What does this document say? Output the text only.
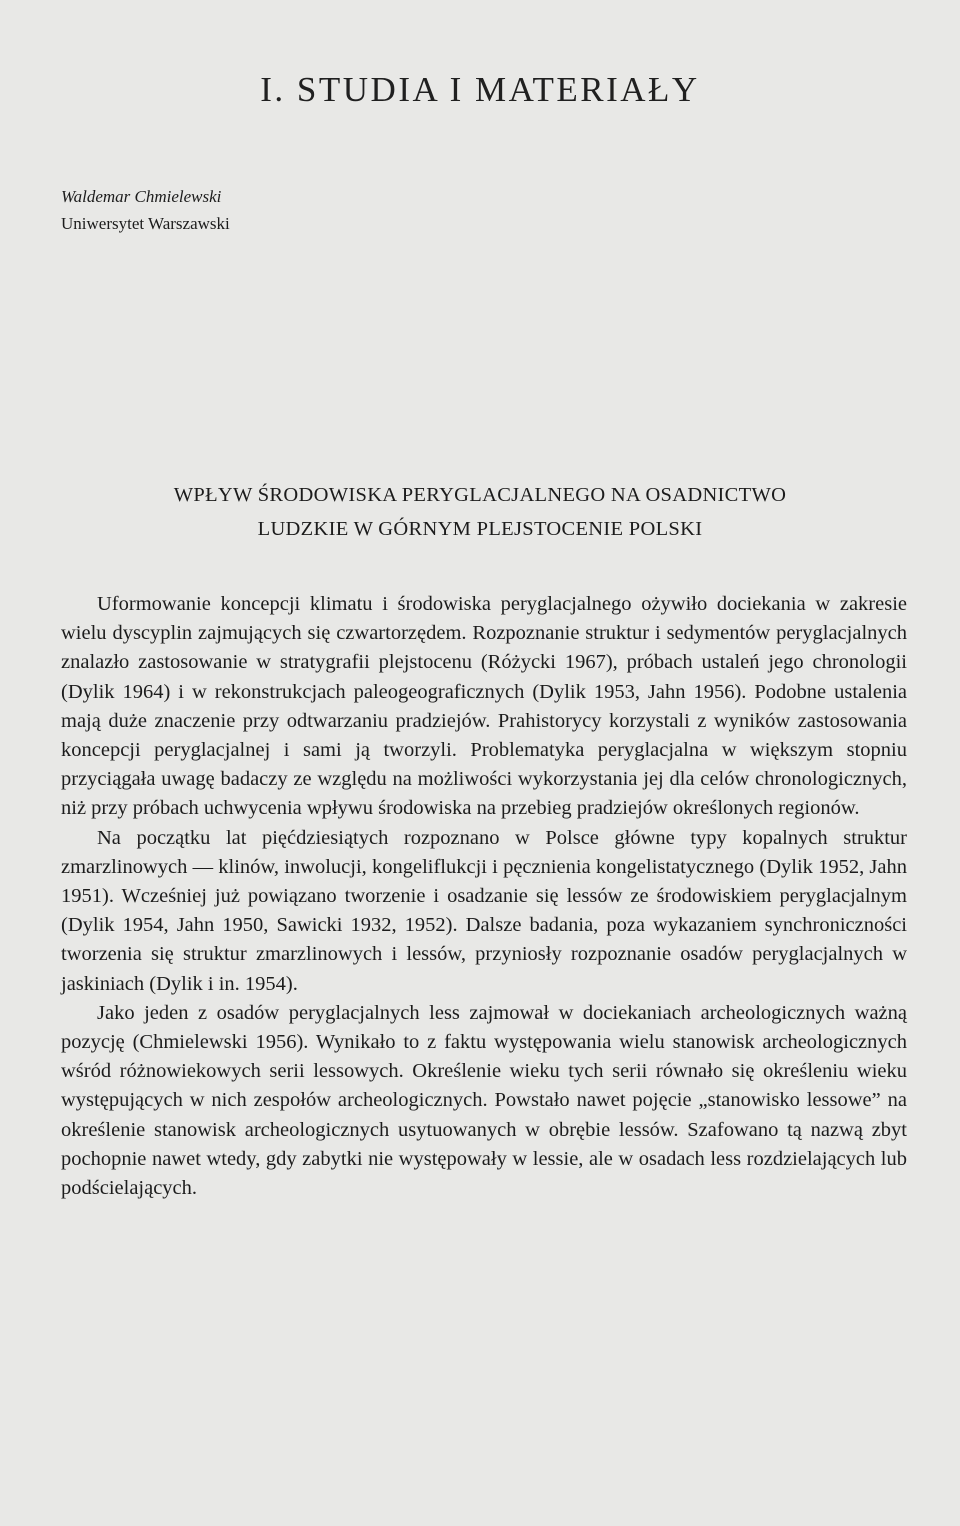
I. STUDIA I MATERIAŁY
Waldemar Chmielewski
Uniwersytet Warszawski
WPŁYW ŚRODOWISKA PERYGLACJALNEGO NA OSADNICTWO
LUDZKIE W GÓRNYM PLEJSTOCENIE POLSKI

Uformowanie koncepcji klimatu i środowiska peryglacjalnego ożywiło dociekania w zakresie wielu dyscyplin zajmujących się czwartorzędem. Rozpoznanie struktur i sedymentów peryglacjalnych znalazło zastosowanie w stratygrafii plejstocenu (Różycki 1967), próbach ustaleń jego chronologii (Dylik 1964) i w rekonstrukcjach paleogeograficznych (Dylik 1953, Jahn 1956). Podobne ustalenia mają duże znaczenie przy odtwarzaniu pradziejów. Prahistorycy korzystali z wyników zastosowania koncepcji peryglacjalnej i sami ją tworzyli. Problematyka peryglacjalna w większym stopniu przyciągała uwagę badaczy ze względu na możliwości wykorzystania jej dla celów chronologicznych, niż przy próbach uchwycenia wpływu środowiska na przebieg pradziejów określonych regionów.

Na początku lat pięćdziesiątych rozpoznano w Polsce główne typy kopalnych struktur zmarzlinowych — klinów, inwolucji, kongeliflukcji i pęcznienia kongelistatycznego (Dylik 1952, Jahn 1951). Wcześniej już powiązano tworzenie i osadzanie się lessów ze środowiskiem peryglacjalnym (Dylik 1954, Jahn 1950, Sawicki 1932, 1952). Dalsze badania, poza wykazaniem synchroniczności tworzenia się struktur zmarzlinowych i lessów, przyniosły rozpoznanie osadów peryglacjalnych w jaskiniach (Dylik i in. 1954).

Jako jeden z osadów peryglacjalnych less zajmował w dociekaniach archeologicznych ważną pozycję (Chmielewski 1956). Wynikało to z faktu występowania wielu stanowisk archeologicznych wśród różnowiekowych serii lessowych. Określenie wieku tych serii równało się określeniu wieku występujących w nich zespołów archeologicznych. Powstało nawet pojęcie „stanowisko lessowe” na określenie stanowisk archeologicznych usytuowanych w obrębie lessów. Szafowano tą nazwą zbyt pochopnie nawet wtedy, gdy zabytki nie występowały w lessie, ale w osadach less rozdzielających lub podścielających.
